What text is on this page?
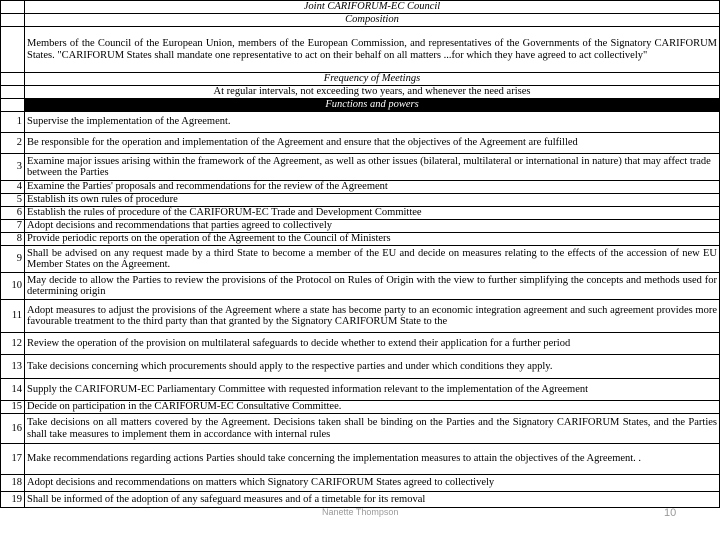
	Joint CARIFORUM-EC Council
	Composition
	Members of the Council of the European Union, members of the European Commission, and representatives of the Governments of the Signatory CARIFORUM States. "CARIFORUM States shall mandate one representative to act on their behalf on all matters ...for which they have agreed to act collectively"
	Frequency of Meetings
	At regular intervals, not exceeding two years, and whenever the need arises
	Functions and powers
1	Supervise the implementation of the Agreement.
2	Be responsible for the operation and implementation of the Agreement and ensure that the objectives of the Agreement are fulfilled
3	Examine major issues arising within the framework of the Agreement, as well as other issues (bilateral, multilateral or international in nature) that may affect trade between the Parties
4	Examine the Parties' proposals and recommendations for the review of the Agreement
5	Establish its own rules of procedure
6	Establish the rules of procedure of the CARIFORUM-EC Trade and Development Committee
7	Adopt decisions and recommendations that parties agreed to collectively
8	Provide periodic reports on the operation of the Agreement to the Council of Ministers
9	Shall be advised on any request made by a third State to become a member of the EU and decide on measures relating to the effects of the accession of new EU Member States on the Agreement.
10	May decide to allow the Parties to review the provisions of the Protocol on Rules of Origin with the view to further simplifying the concepts and methods used for determining origin
11	Adopt measures to adjust the provisions of the Agreement where a state has become party to an economic integration agreement and such agreement provides more favourable treatment to the third party than that granted by the Signatory CARIFORUM State to the
12	Review the operation of the provision on multilateral safeguards to decide whether to extend their application for a further period
13	Take decisions concerning which procurements should apply to the respective parties and under which conditions they apply.
14	Supply the CARIFORUM-EC Parliamentary Committee with requested information relevant to the implementation of the Agreement
15	Decide on participation in the CARIFORUM-EC Consultative Committee.
16	Take decisions on all matters covered by the Agreement. Decisions taken shall be binding on the Parties and the Signatory CARIFORUM States, and the Parties shall take measures to implement them in accordance with internal rules
17	Make recommendations regarding actions Parties should take concerning the implementation measures to attain the objectives of the Agreement. .
18	Adopt decisions and recommendations on matters which Signatory CARIFORUM States agreed to collectively
19	Shall be informed of the adoption of any safeguard measures and of a timetable for its removal
Nanette Thompson	10
